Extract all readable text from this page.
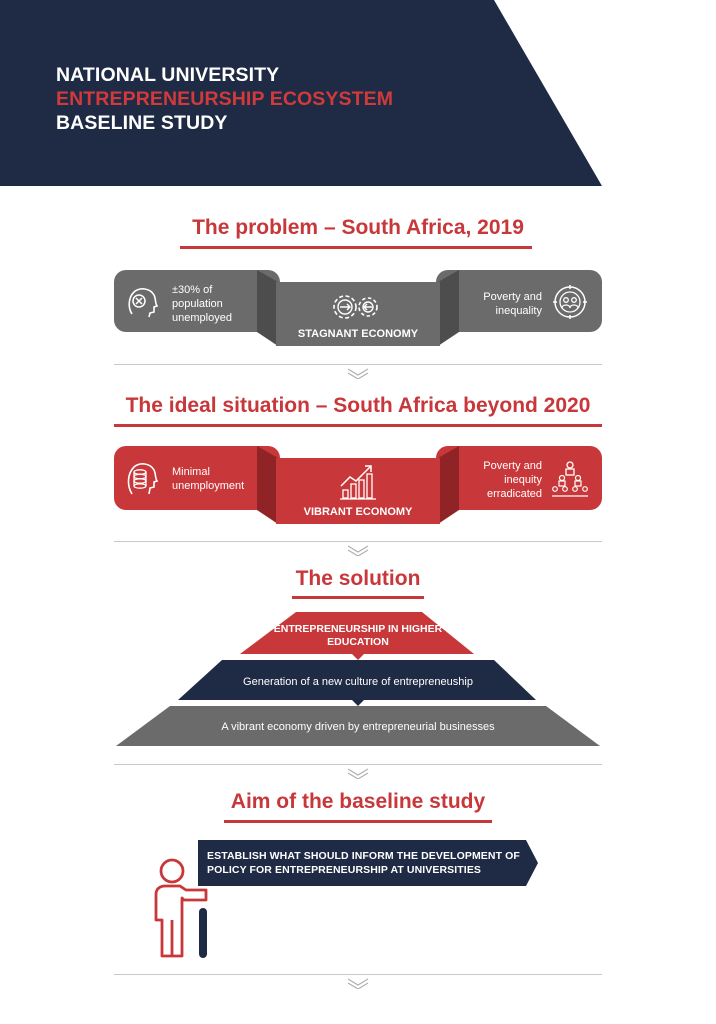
NATIONAL UNIVERSITY
ENTREPRENEURSHIP ECOSYSTEM
BASELINE STUDY
The problem – South Africa, 2019
±30% of population unemployed
STAGNANT ECONOMY
Poverty and inequality
The ideal situation – South Africa beyond 2020
Minimal unemployment
VIBRANT ECONOMY
Poverty and inequity erradicated
The solution
ENTREPRENEURSHIP IN HIGHER EDUCATION
Generation of a new culture of entrepreneuship
A vibrant economy driven by entrepreneurial businesses
Aim of the baseline study
ESTABLISH WHAT SHOULD INFORM THE DEVELOPMENT OF POLICY FOR ENTREPRENEURSHIP AT UNIVERSITIES
